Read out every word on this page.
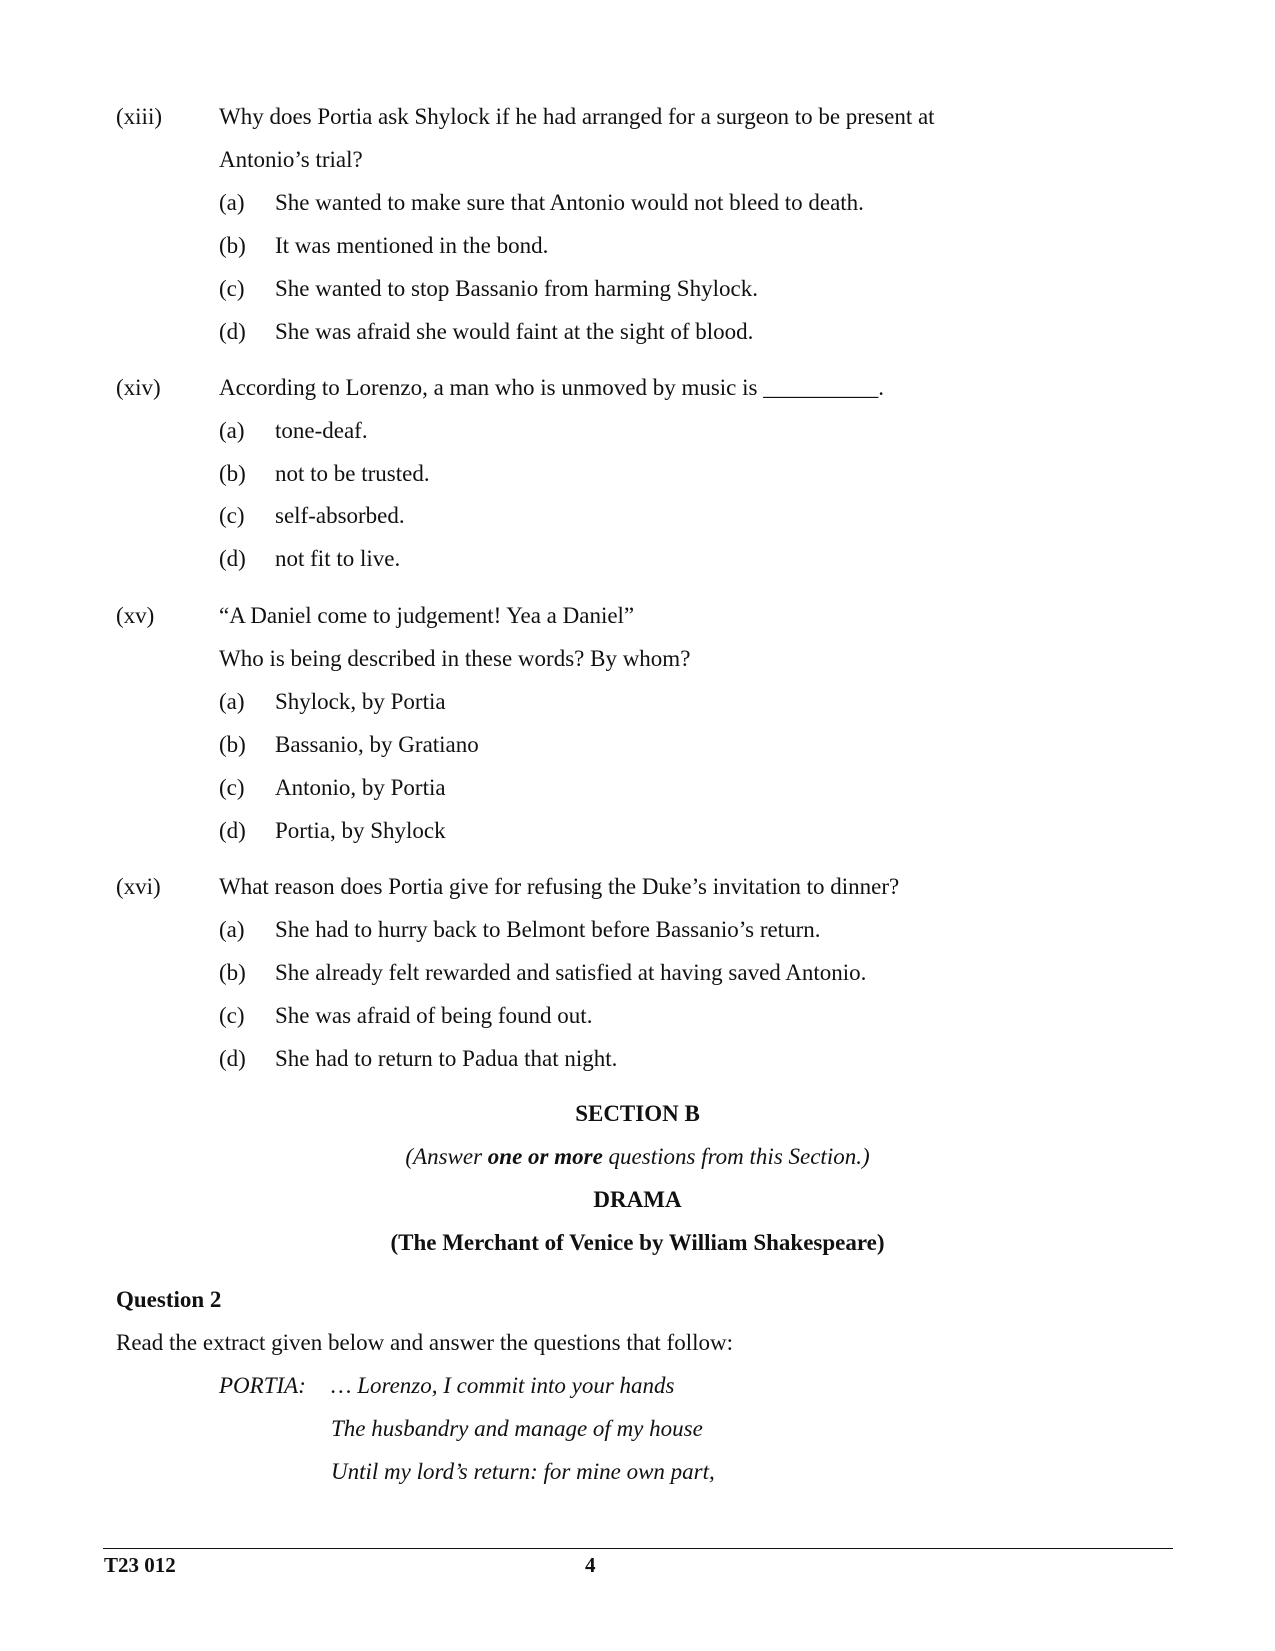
(xiii) Why does Portia ask Shylock if he had arranged for a surgeon to be present at
Antonio’s trial?
(a) She wanted to make sure that Antonio would not bleed to death.
(b) It was mentioned in the bond.
(c) She wanted to stop Bassanio from harming Shylock.
(d) She was afraid she would faint at the sight of blood.
(xiv)	According to Lorenzo, a man who is unmoved by music is __________.
(a) tone-deaf.
(b) not to be trusted.
(c) self-absorbed.
(d) not fit to live.
(xv)	“A Daniel come to judgement! Yea a Daniel”
Who is being described in these words? By whom?
(a) Shylock, by Portia
(b) Bassanio, by Gratiano
(c) Antonio, by Portia
(d) Portia, by Shylock
(xvi)	What reason does Portia give for refusing the Duke’s invitation to dinner?
(a) She had to hurry back to Belmont before Bassanio’s return.
(b) She already felt rewarded and satisfied at having saved Antonio.
(c) She was afraid of being found out.
(d) She had to return to Padua that night.
SECTION B
(Answer one or more questions from this Section.)
DRAMA
(The Merchant of Venice by William Shakespeare)
Question 2
Read the extract given below and answer the questions that follow:
PORTIA: … Lorenzo, I commit into your hands
The husbandry and manage of my house
Until my lord’s return: for mine own part,
T23 012	4
